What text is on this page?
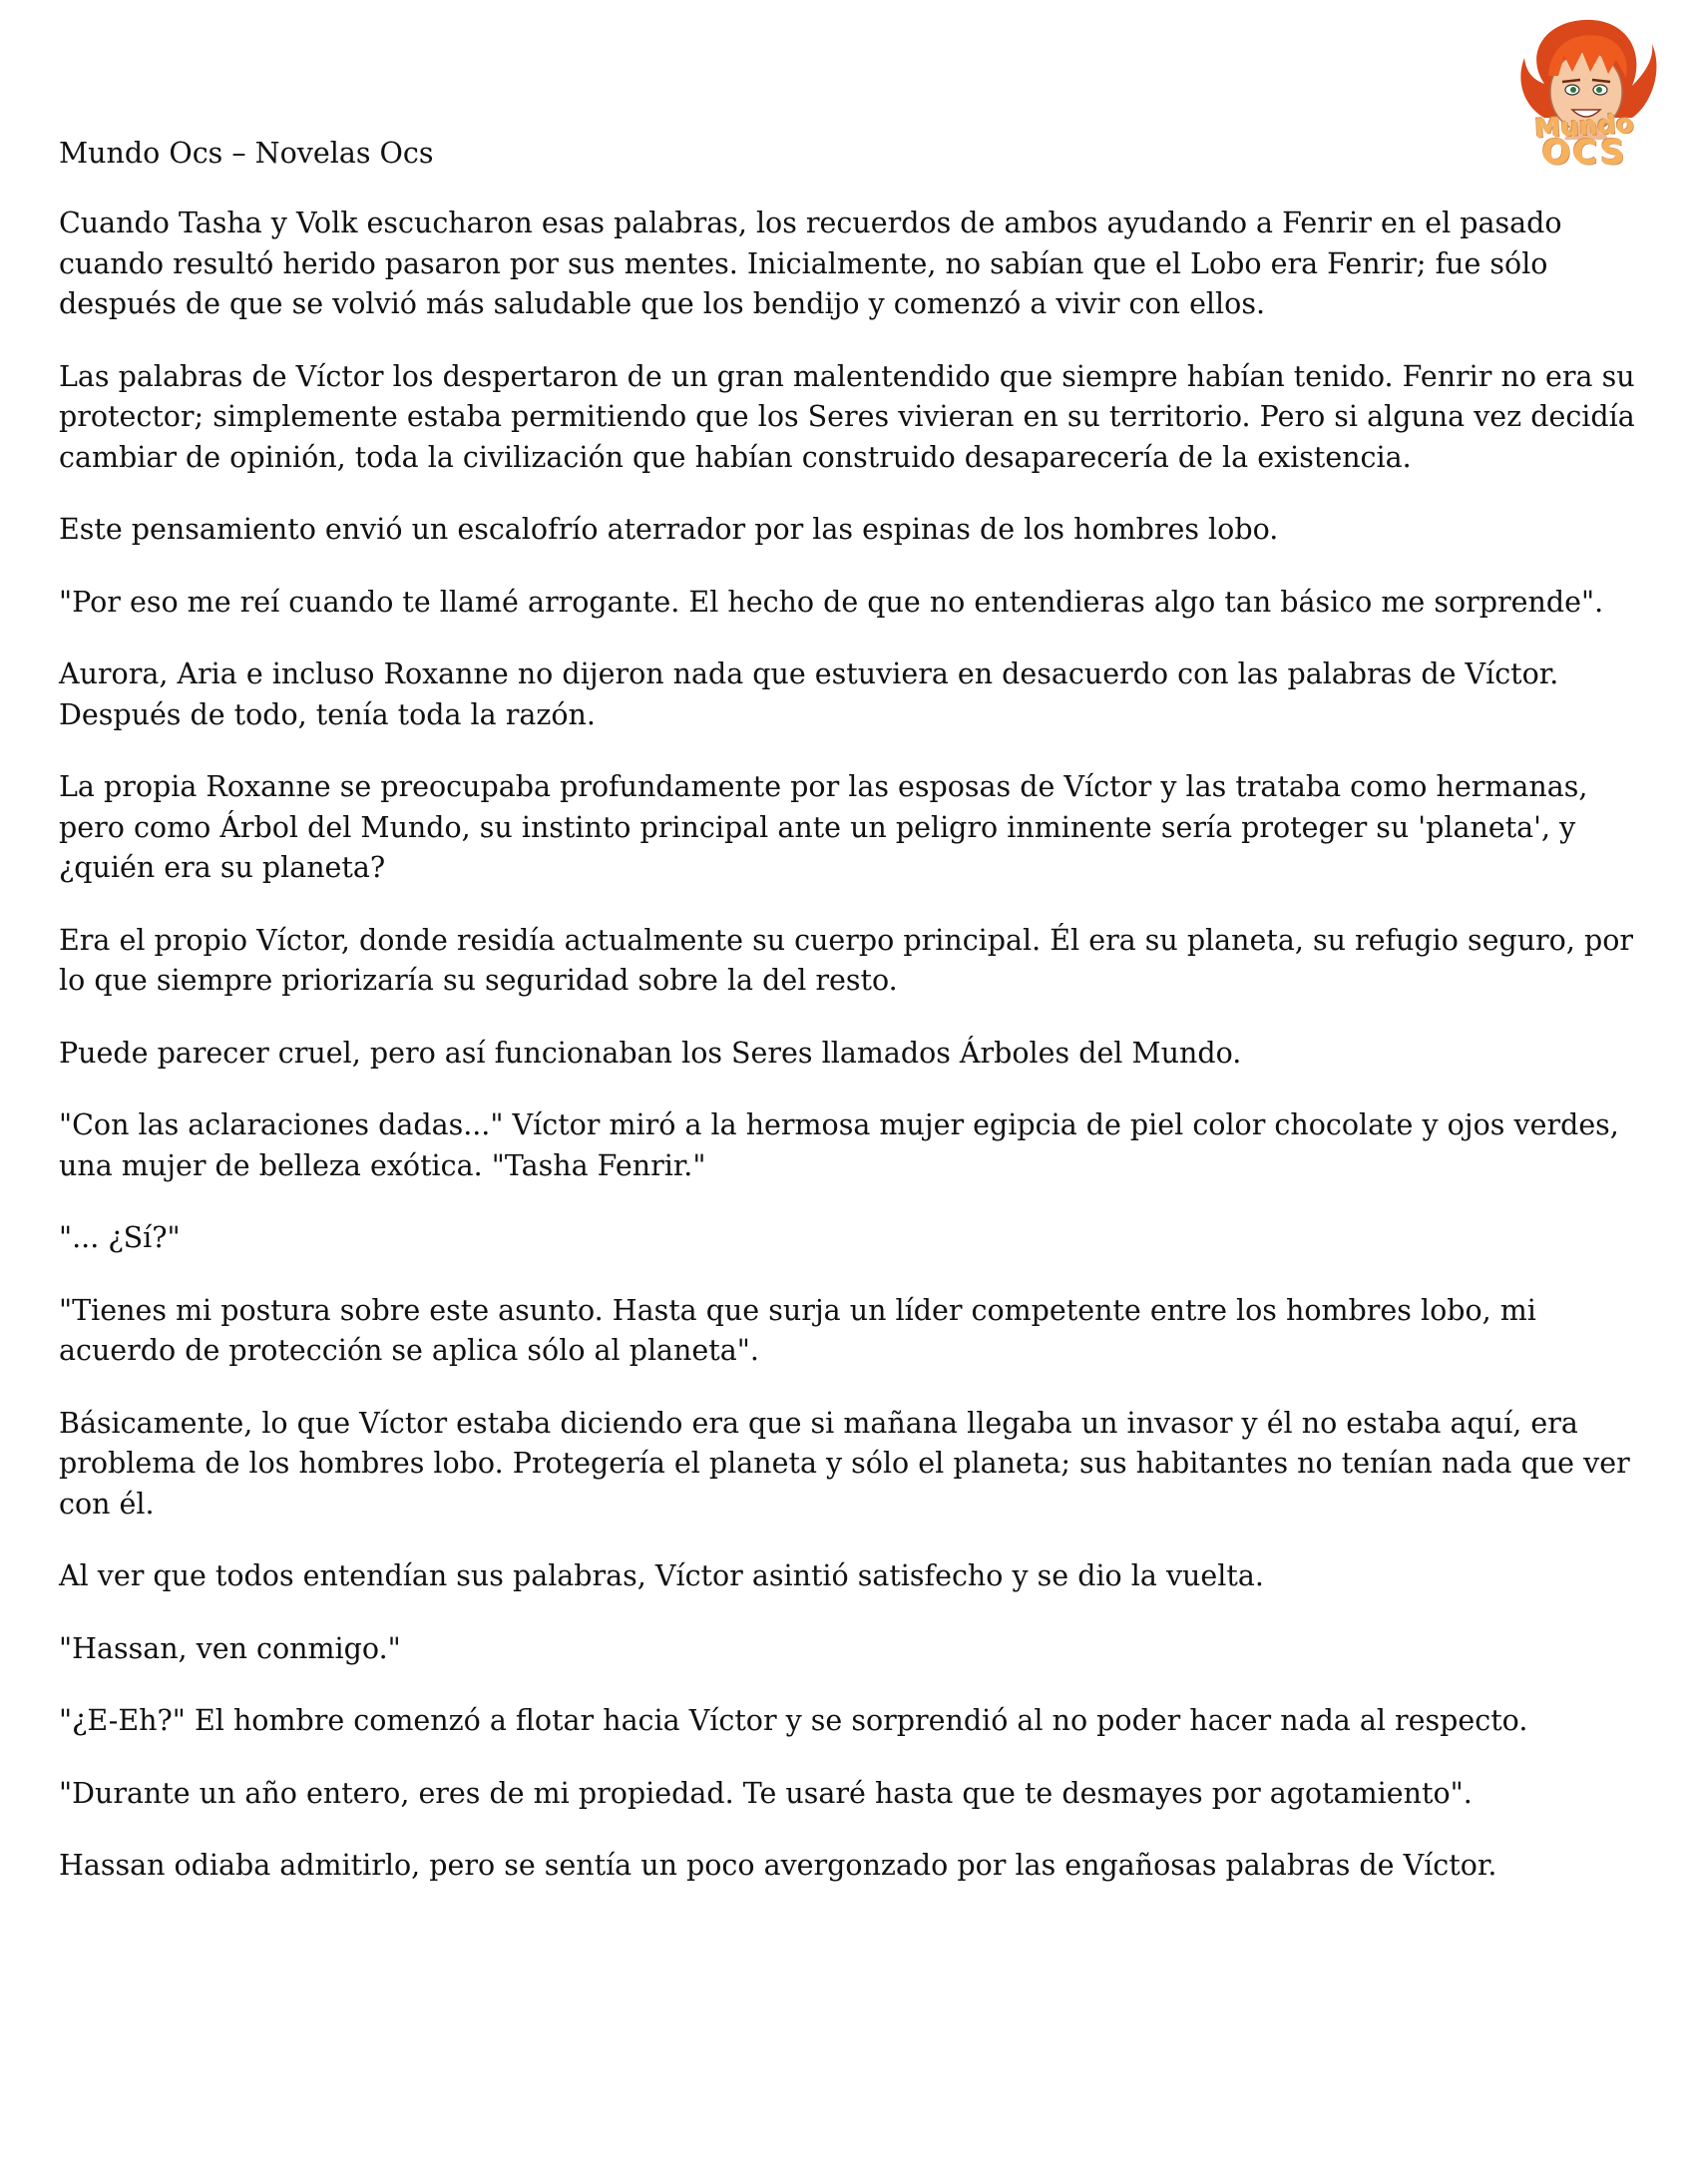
Mundo
OCS
Mundo Ocs – Novelas Ocs

Cuando Tasha y Volk escucharon esas palabras, los recuerdos de ambos ayudando a Fenrir en el pasado cuando resultó herido pasaron por sus mentes. Inicialmente, no sabían que el Lobo era Fenrir; fue sólo después de que se volvió más saludable que los bendijo y comenzó a vivir con ellos.

Las palabras de Víctor los despertaron de un gran malentendido que siempre habían tenido. Fenrir no era su protector; simplemente estaba permitiendo que los Seres vivieran en su territorio. Pero si alguna vez decidía cambiar de opinión, toda la civilización que habían construido desaparecería de la existencia.

Este pensamiento envió un escalofrío aterrador por las espinas de los hombres lobo.

"Por eso me reí cuando te llamé arrogante. El hecho de que no entendieras algo tan básico me sorprende".

Aurora, Aria e incluso Roxanne no dijeron nada que estuviera en desacuerdo con las palabras de Víctor. Después de todo, tenía toda la razón.

La propia Roxanne se preocupaba profundamente por las esposas de Víctor y las trataba como hermanas, pero como Árbol del Mundo, su instinto principal ante un peligro inminente sería proteger su 'planeta', y ¿quién era su planeta?

Era el propio Víctor, donde residía actualmente su cuerpo principal. Él era su planeta, su refugio seguro, por lo que siempre priorizaría su seguridad sobre la del resto.

Puede parecer cruel, pero así funcionaban los Seres llamados Árboles del Mundo.

"Con las aclaraciones dadas..." Víctor miró a la hermosa mujer egipcia de piel color chocolate y ojos verdes, una mujer de belleza exótica. "Tasha Fenrir."

"... ¿Sí?"

"Tienes mi postura sobre este asunto. Hasta que surja un líder competente entre los hombres lobo, mi acuerdo de protección se aplica sólo al planeta".

Básicamente, lo que Víctor estaba diciendo era que si mañana llegaba un invasor y él no estaba aquí, era problema de los hombres lobo. Protegería el planeta y sólo el planeta; sus habitantes no tenían nada que ver con él.

Al ver que todos entendían sus palabras, Víctor asintió satisfecho y se dio la vuelta.

"Hassan, ven conmigo."

"¿E-Eh?" El hombre comenzó a flotar hacia Víctor y se sorprendió al no poder hacer nada al respecto.

"Durante un año entero, eres de mi propiedad. Te usaré hasta que te desmayes por agotamiento".

Hassan odiaba admitirlo, pero se sentía un poco avergonzado por las engañosas palabras de Víctor.
